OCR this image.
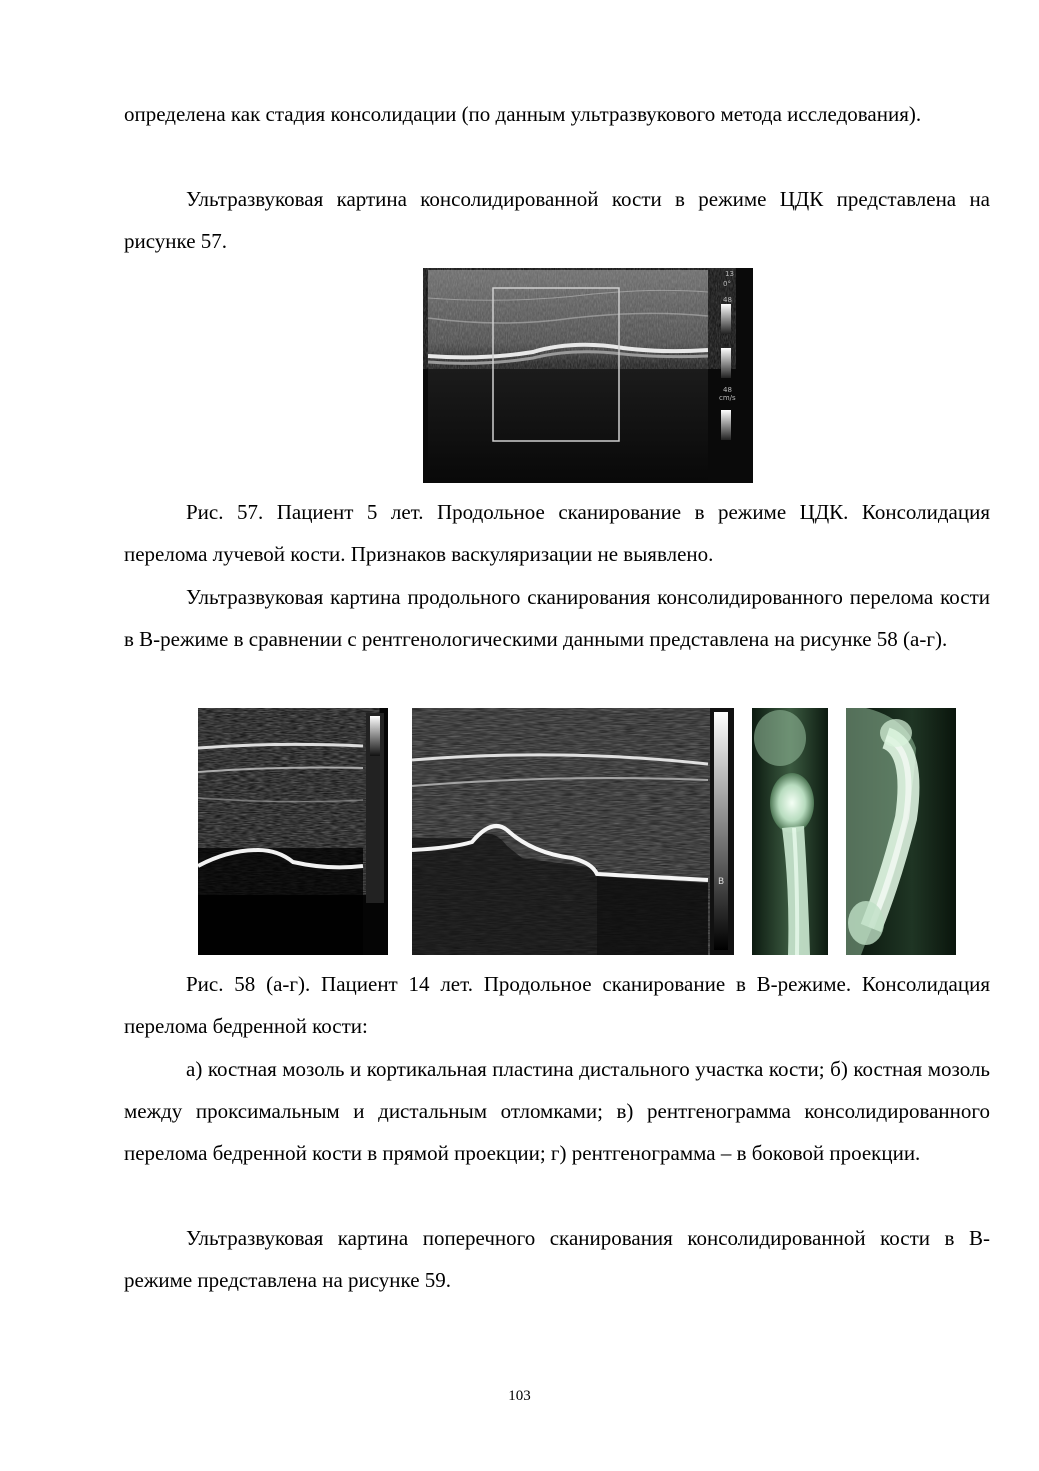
определена как стадия консолидации (по данным ультразвукового метода исследования).

Ультразвуковая картина консолидированной кости в режиме ЦДК представлена на рисунке 57.

13
0°
48
48
cm/s

Рис. 57. Пациент 5 лет. Продольное сканирование в режиме ЦДК. Консолидация перелома лучевой кости. Признаков васкуляризации не выявлено.

Ультразвуковая картина продольного сканирования консолидированного перелома кости в В-режиме в сравнении с рентгенологическими данными представлена на рисунке 58 (а-г).

B

Рис. 58 (а-г). Пациент 14 лет. Продольное сканирование в В-режиме. Консолидация перелома бедренной кости:

а) костная мозоль и кортикальная пластина дистального участка кости; б) костная мозоль между проксимальным и дистальным отломками; в) рентгенограмма консолидированного перелома бедренной кости в прямой проекции; г) рентгенограмма – в боковой проекции.

Ультразвуковая картина поперечного сканирования консолидированной кости в В-режиме представлена на рисунке 59.

103
